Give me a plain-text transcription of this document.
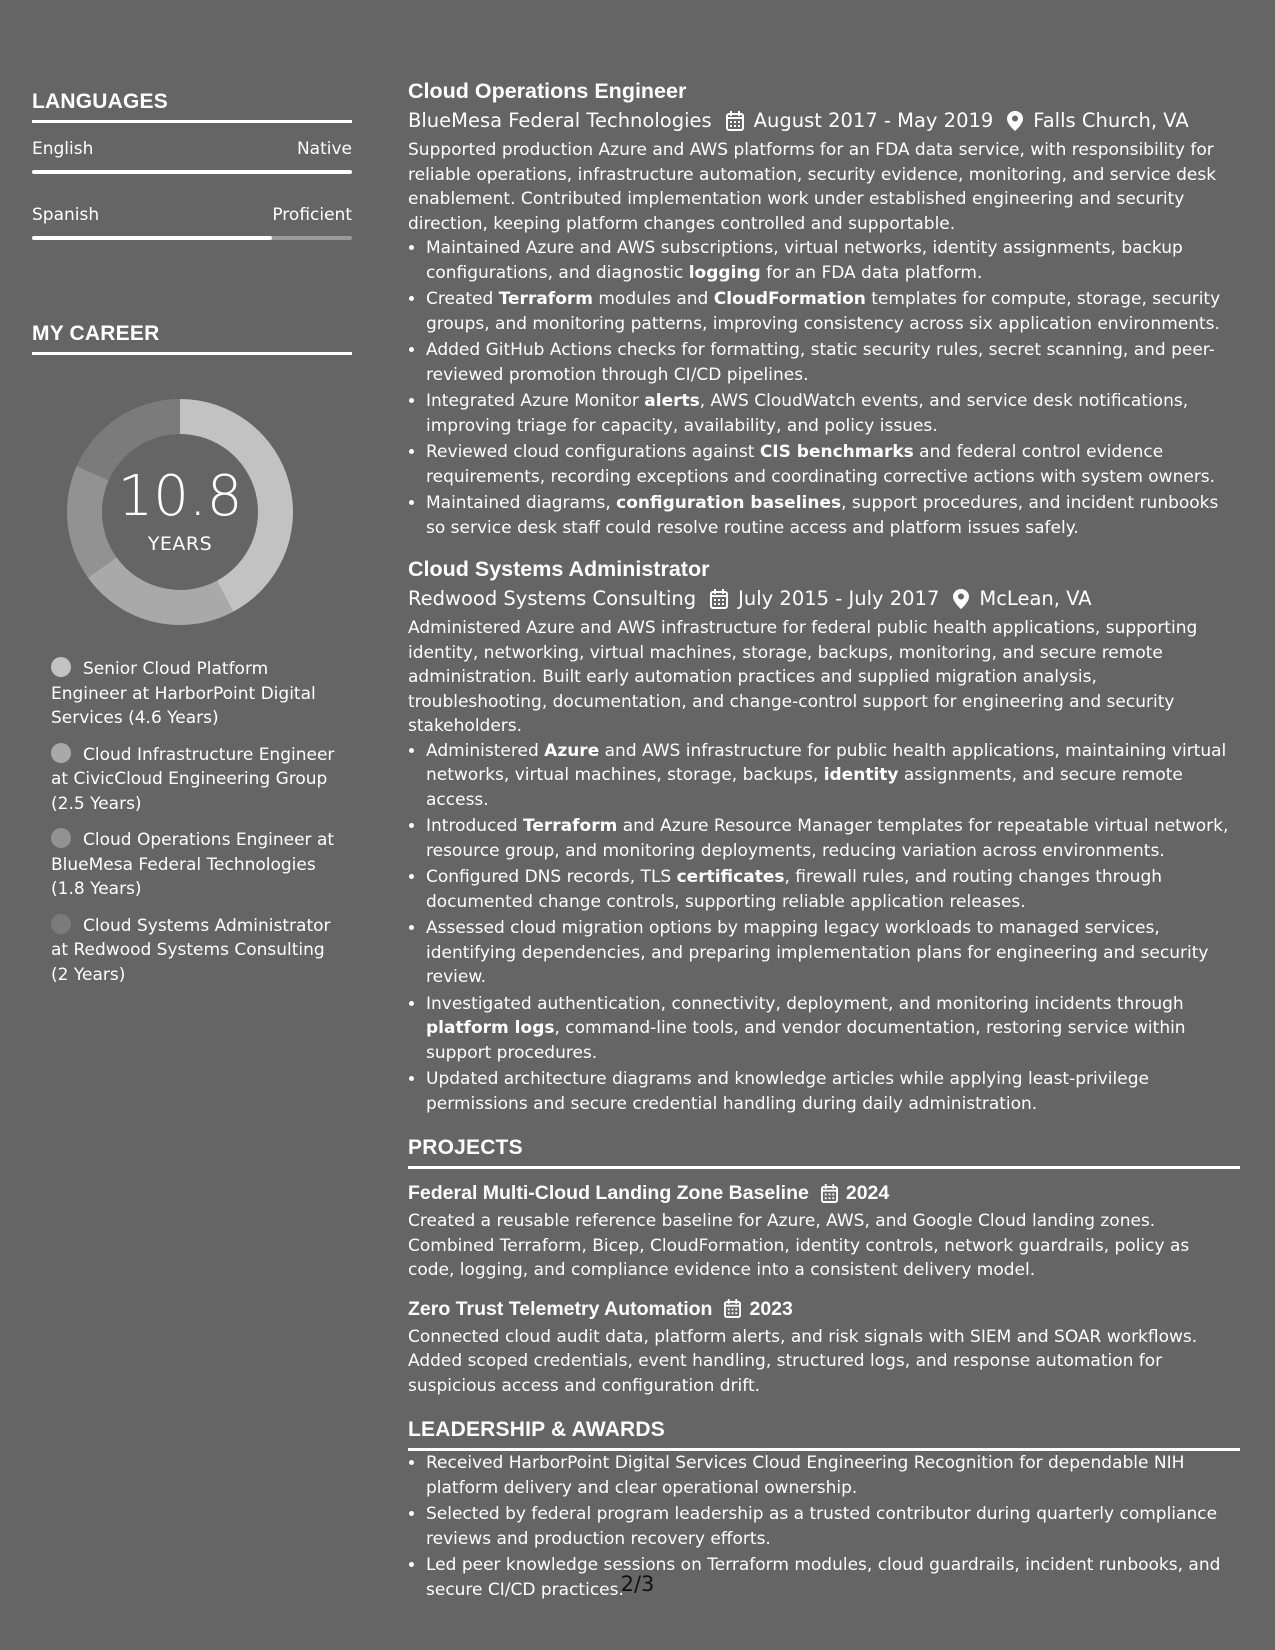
LANGUAGES
English	Native
Spanish	Proficient
MY CAREER
10.8
YEARS
Senior Cloud Platform Engineer at HarborPoint Digital Services (4.6 Years)
Cloud Infrastructure Engineer at CivicCloud Engineering Group (2.5 Years)
Cloud Operations Engineer at BlueMesa Federal Technologies (1.8 Years)
Cloud Systems Administrator at Redwood Systems Consulting (2 Years)
Cloud Operations Engineer
BlueMesa Federal Technologies August 2017 - May 2019 Falls Church, VA

Supported production Azure and AWS platforms for an FDA data service, with responsibility for reliable operations, infrastructure automation, security evidence, monitoring, and service desk enablement. Contributed implementation work under established engineering and security direction, keeping platform changes controlled and supportable.

• Maintained Azure and AWS subscriptions, virtual networks, identity assignments, backup configurations, and diagnostic logging for an FDA data platform.
• Created Terraform modules and CloudFormation templates for compute, storage, security groups, and monitoring patterns, improving consistency across six application environments.
• Added GitHub Actions checks for formatting, static security rules, secret scanning, and peer-reviewed promotion through CI/CD pipelines.
• Integrated Azure Monitor alerts, AWS CloudWatch events, and service desk notifications, improving triage for capacity, availability, and policy issues.
• Reviewed cloud configurations against CIS benchmarks and federal control evidence requirements, recording exceptions and coordinating corrective actions with system owners.
• Maintained diagrams, configuration baselines, support procedures, and incident runbooks so service desk staff could resolve routine access and platform issues safely.
Cloud Systems Administrator
Redwood Systems Consulting July 2015 - July 2017 McLean, VA

Administered Azure and AWS infrastructure for federal public health applications, supporting identity, networking, virtual machines, storage, backups, monitoring, and secure remote administration. Built early automation practices and supplied migration analysis, troubleshooting, documentation, and change-control support for engineering and security stakeholders.

• Administered Azure and AWS infrastructure for public health applications, maintaining virtual networks, virtual machines, storage, backups, identity assignments, and secure remote access.
• Introduced Terraform and Azure Resource Manager templates for repeatable virtual network, resource group, and monitoring deployments, reducing variation across environments.
• Configured DNS records, TLS certificates, firewall rules, and routing changes through documented change controls, supporting reliable application releases.
• Assessed cloud migration options by mapping legacy workloads to managed services, identifying dependencies, and preparing implementation plans for engineering and security review.
• Investigated authentication, connectivity, deployment, and monitoring incidents through platform logs, command-line tools, and vendor documentation, restoring service within support procedures.
• Updated architecture diagrams and knowledge articles while applying least-privilege permissions and secure credential handling during daily administration.
PROJECTS
Federal Multi-Cloud Landing Zone Baseline 2024

Created a reusable reference baseline for Azure, AWS, and Google Cloud landing zones. Combined Terraform, Bicep, CloudFormation, identity controls, network guardrails, policy as code, logging, and compliance evidence into a consistent delivery model.

Zero Trust Telemetry Automation 2023

Connected cloud audit data, platform alerts, and risk signals with SIEM and SOAR workflows. Added scoped credentials, event handling, structured logs, and response automation for suspicious access and configuration drift.

LEADERSHIP & AWARDS
• Received HarborPoint Digital Services Cloud Engineering Recognition for dependable NIH platform delivery and clear operational ownership.
• Selected by federal program leadership as a trusted contributor during quarterly compliance reviews and production recovery efforts.
• Led peer knowledge sessions on Terraform modules, cloud guardrails, incident runbooks, and secure CI/CD practices.
2/3
